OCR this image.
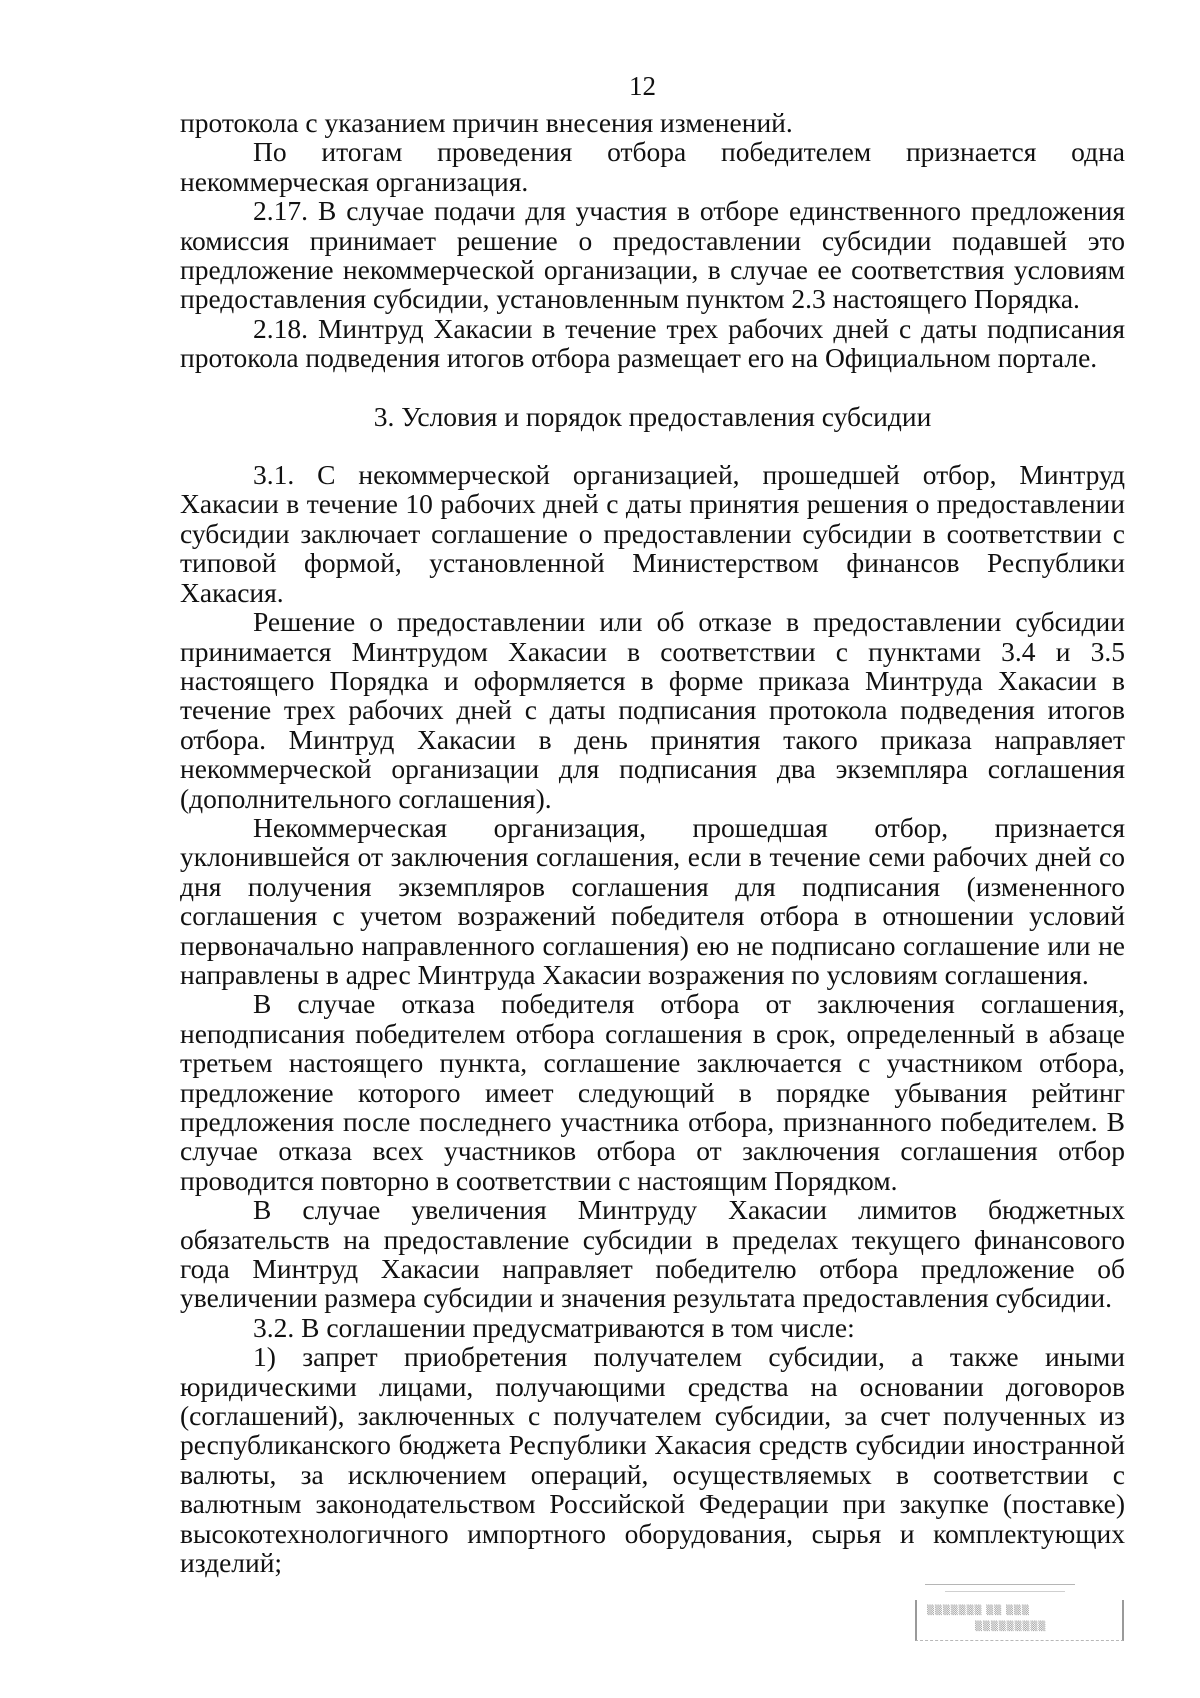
12

протокола с указанием причин внесения изменений.

По итогам проведения отбора победителем признается одна некоммерческая организация.

2.17. В случае подачи для участия в отборе единственного предложения комиссия принимает решение о предоставлении субсидии подавшей это предложение некоммерческой организации, в случае ее соответствия условиям предоставления субсидии, установленным пунктом 2.3 настоящего Порядка.

2.18. Минтруд Хакасии в течение трех рабочих дней с даты подписания протокола подведения итогов отбора размещает его на Официальном портале.

3. Условия и порядок предоставления субсидии

3.1. С некоммерческой организацией, прошедшей отбор, Минтруд Хакасии в течение 10 рабочих дней с даты принятия решения о предоставлении субсидии заключает соглашение о предоставлении субсидии в соответствии с типовой формой, установленной Министерством финансов Республики Хакасия.

Решение о предоставлении или об отказе в предоставлении субсидии принимается Минтрудом Хакасии в соответствии с пунктами 3.4 и 3.5 настоящего Порядка и оформляется в форме приказа Минтруда Хакасии в течение трех рабочих дней с даты подписания протокола подведения итогов отбора. Минтруд Хакасии в день принятия такого приказа направляет некоммерческой организации для подписания два экземпляра соглашения (дополнительного соглашения).

Некоммерческая организация, прошедшая отбор, признается уклонившейся от заключения соглашения, если в течение семи рабочих дней со дня получения экземпляров соглашения для подписания (измененного соглашения с учетом возражений победителя отбора в отношении условий первоначально направленного соглашения) ею не подписано соглашение или не направлены в адрес Минтруда Хакасии возражения по условиям соглашения.

В случае отказа победителя отбора от заключения соглашения, неподписания победителем отбора соглашения в срок, определенный в абзаце третьем настоящего пункта, соглашение заключается с участником отбора, предложение которого имеет следующий в порядке убывания рейтинг предложения после последнего участника отбора, признанного победителем. В случае отказа всех участников отбора от заключения соглашения отбор проводится повторно в соответствии с настоящим Порядком.

В случае увеличения Минтруду Хакасии лимитов бюджетных обязательств на предоставление субсидии в пределах текущего финансового года Минтруд Хакасии направляет победителю отбора предложение об увеличении размера субсидии и значения результата предоставления субсидии.

3.2. В соглашении предусматриваются в том числе:

1) запрет приобретения получателем субсидии, а также иными юридическими лицами, получающими средства на основании договоров (соглашений), заключенных с получателем субсидии, за счет полученных из республиканского бюджета Республики Хакасия средств субсидии иностранной валюты, за исключением операций, осуществляемых в соответствии с валютным законодательством Российской Федерации при закупке (поставке) высокотехнологичного импортного оборудования, сырья и комплектующих изделий;

▒▒▒▒▒▒▒ ▒▒ ▒▒▒
▒▒▒▒▒▒▒▒▒
